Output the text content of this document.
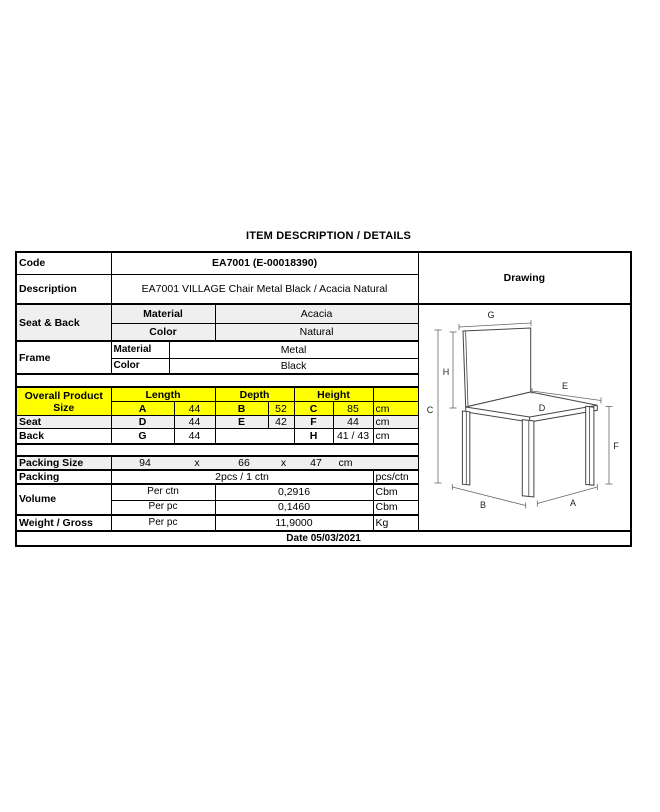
ITEM DESCRIPTION / DETAILS
Code	EA7001 (E-00018390)								Drawing
Description	EA7001 VILLAGE Chair Metal Black / Acacia Natural								
Seat & Back	Material	Acacia	
C
H
G
E
D
F
B	A

	Color			Natural					
Frame	Material	Metal							
	Color	Black							

Overall Product
Size	Length			Depth		Height			
	A		44	B	52	C	85	cm	
Seat	D		44	E	42	F	44	cm	
Back	G		44			H	41 / 43	cm	

Packing Size	94	x	66	x	47	cm

Packing	2pcs / 1 ctn							pcs/ctn	
Volume	Per ctn			0,2916				Cbm	
	Per pc			0,1460				Cbm	
Weight / Gross	Per pc			11,9000				Kg	
Date 05/03/2021									
